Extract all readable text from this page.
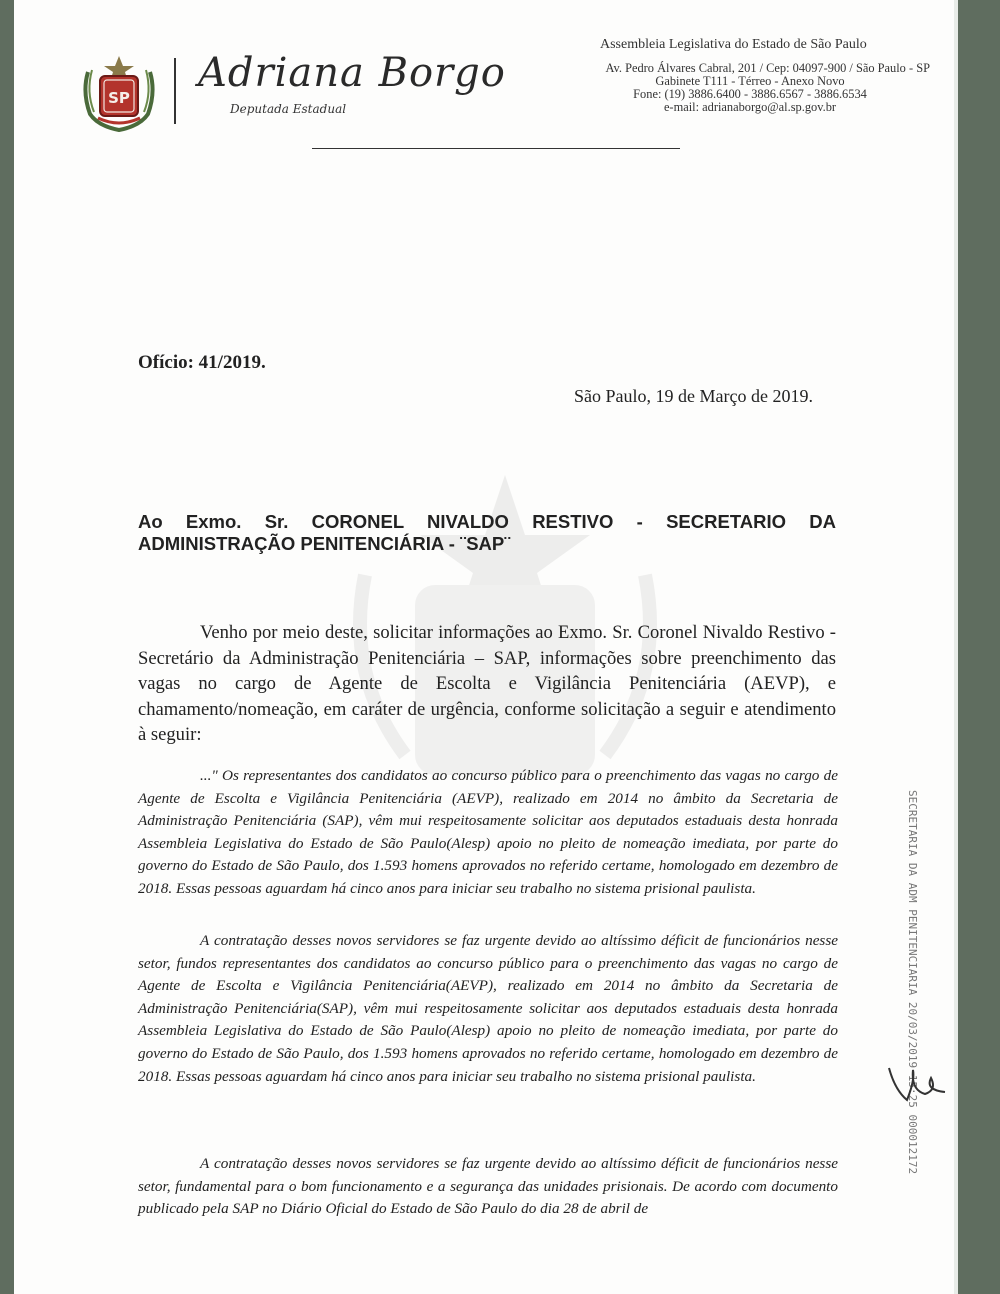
SP
Adriana Borgo
Deputada Estadual
Assembleia Legislativa do Estado de São Paulo
Av. Pedro Álvares Cabral, 201 / Cep: 04097-900 / São Paulo - SP
Gabinete T111 - Térreo - Anexo Novo
Fone: (19) 3886.6400 - 3886.6567 - 3886.6534
e-mail: adrianaborgo@al.sp.gov.br
Ofício: 41/2019.
São Paulo, 19 de Março de 2019.
Ao Exmo. Sr. CORONEL NIVALDO RESTIVO - SECRETARIO DA
ADMINISTRAÇÃO PENITENCIÁRIA - ¨SAP¨
Venho por meio deste, solicitar informações ao Exmo. Sr. Coronel Nivaldo Restivo - Secretário da Administração Penitenciária – SAP, informações sobre preenchimento das vagas no cargo de Agente de Escolta e Vigilância Penitenciária (AEVP), e chamamento/nomeação, em caráter de urgência, conforme solicitação a seguir e atendimento à seguir:
..." Os representantes dos candidatos ao concurso público para o preenchimento das vagas no cargo de Agente de Escolta e Vigilância Penitenciária (AEVP), realizado em 2014 no âmbito da Secretaria de Administração Penitenciária (SAP), vêm mui respeitosamente solicitar aos deputados estaduais desta honrada Assembleia Legislativa do Estado de São Paulo(Alesp) apoio no pleito de nomeação imediata, por parte do governo do Estado de São Paulo, dos 1.593 homens aprovados no referido certame, homologado em dezembro de 2018. Essas pessoas aguardam há cinco anos para iniciar seu trabalho no sistema prisional paulista.
A contratação desses novos servidores se faz urgente devido ao altíssimo déficit de funcionários nesse setor, fundos representantes dos candidatos ao concurso público para o preenchimento das vagas no cargo de Agente de Escolta e Vigilância Penitenciária(AEVP), realizado em 2014 no âmbito da Secretaria de Administração Penitenciária(SAP), vêm mui respeitosamente solicitar aos deputados estaduais desta honrada Assembleia Legislativa do Estado de São Paulo(Alesp) apoio no pleito de nomeação imediata, por parte do governo do Estado de São Paulo, dos 1.593 homens aprovados no referido certame, homologado em dezembro de 2018. Essas pessoas aguardam há cinco anos para iniciar seu trabalho no sistema prisional paulista.
A contratação desses novos servidores se faz urgente devido ao altíssimo déficit de funcionários nesse setor, fundamental para o bom funcionamento e a segurança das unidades prisionais. De acordo com documento publicado pela SAP no Diário Oficial do Estado de São Paulo do dia 28 de abril de
SECRETARIA DA ADM PENITENCIARIA 20/03/2019 15:25 000012172
